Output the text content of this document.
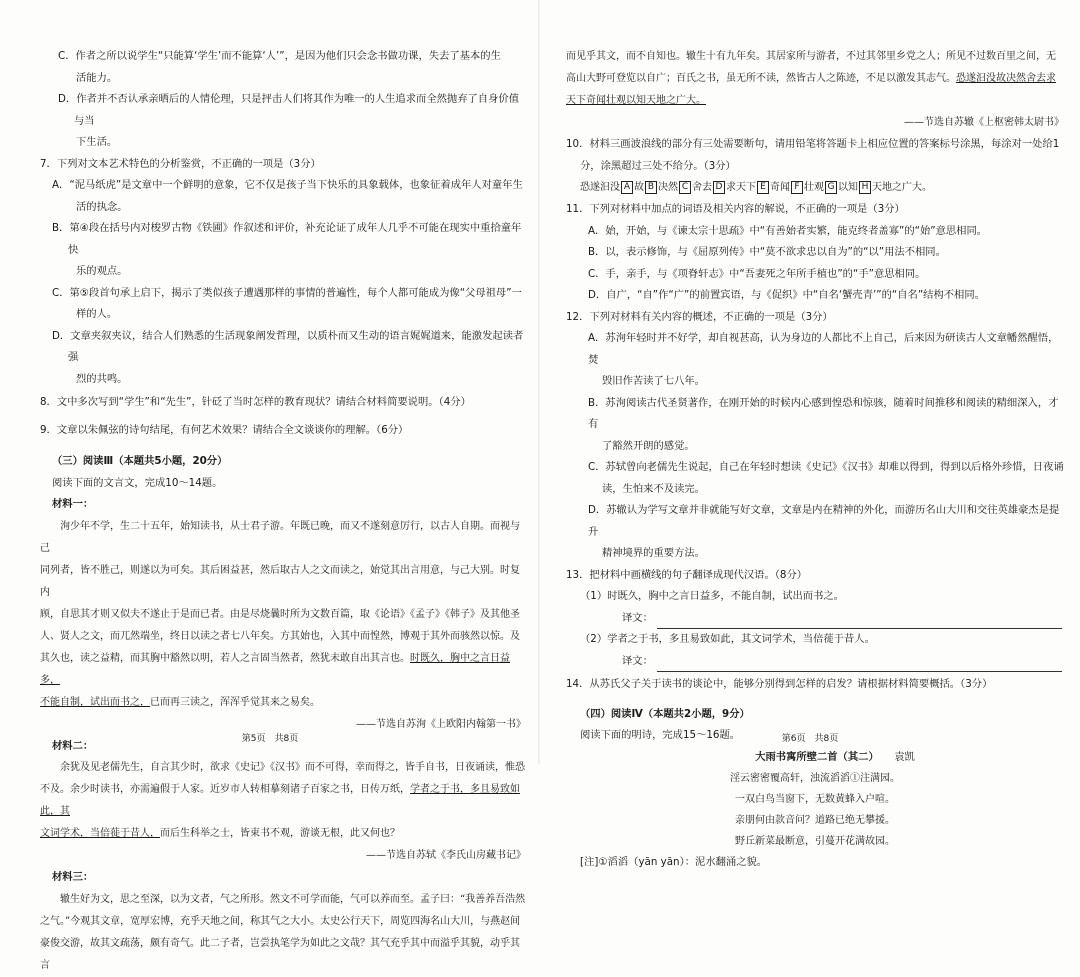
C．作者之所以说学生“只能算‘学生’而不能算‘人’”，是因为他们只会念书做功课，失去了基本的生

活能力。

D．作者并不否认承亲晒后的人情伦理，只是抨击人们将其作为唯一的人生追求而全然抛弃了自身价值与当

下生活。

7．下列对文本艺术特色的分析鉴赏，不正确的一项是（3分）

A．“泥马纸虎”是文章中一个鲜明的意象，它不仅是孩子当下快乐的具象载体，也象征着成年人对童年生

活的执念。

B．第④段在括号内对梭罗古物《铁圃》作叙述和评价，补充论证了成年人几乎不可能在现实中重拾童年快

乐的观点。

C．第⑤段首句承上启下，揭示了类似孩子遭遇那样的事情的普遍性，每个人都可能成为像“父母祖母”一

样的人。

D．文章夹叙夹议，结合人们熟悉的生活现象阐发哲理，以质朴而又生动的语言娓娓道来，能激发起读者强

烈的共鸣。

8．文中多次写到“学生”和“先生”，针砭了当时怎样的教育现状？请结合材料简要说明。（4分）

9．文章以朱佩弦的诗句结尾，有何艺术效果？请结合全文谈谈你的理解。（6分）

（三）阅读Ⅲ（本题共5小题，20分）

阅读下面的文言文，完成10～14题。

材料一：

洵少年不学，生二十五年，始知读书，从士君子游。年既已晚，而又不遂刻意厉行，以古人自期。而视与己

同列者，皆不胜己，则遂以为可矣。其后困益甚，然后取古人之文而读之，始觉其出言用意，与己大别。时复内

顾，自思其才则又似夫不遂止于是而已者。由是尽烧曩时所为文数百篇，取《论语》《孟子》《韩子》及其他圣

人、贤人之文，而兀然端坐，终日以读之者七八年矣。方其始也，入其中而惶然，博观于其外而骇然以惊。及

其久也，读之益精，而其胸中豁然以明，若人之言固当然者，然犹未敢自出其言也。时既久，胸中之言日益多，

不能自制，试出而书之，已而再三读之，浑浑乎觉其来之易矣。

——节选自苏洵《上欧阳内翰第一书》

材料二：

余犹及见老儒先生，自言其少时，欲求《史记》《汉书》而不可得，幸而得之，皆手自书，日夜诵读，惟恐

不及。余少时读书，亦需遍假于人家。近岁市人转相摹刻诸子百家之书，日传万纸，学者之于书，多且易致如此，其

文词学术，当倍蓰于昔人，而后生科举之士，皆束书不观，游谈无根，此又何也？

——节选自苏轼《李氏山房藏书记》

材料三：

辙生好为文，思之至深，以为文者，气之所形。然文不可学而能，气可以养而至。孟子曰：“我善养吾浩然

之气。”今观其文章，宽厚宏博，充乎天地之间，称其气之大小。太史公行天下，周览四海名山大川，与燕赵间

豪俊交游，故其文疏荡，颇有奇气。此二子者，岂尝执笔学为如此之文哉？其气充乎其中而溢乎其貌，动乎其言

第5页　共8页

而见乎其文，而不自知也。辙生十有九年矣。其居家所与游者，不过其邻里乡党之人；所见不过数百里之间，无

高山大野可登览以自广；百氏之书，虽无所不读，然皆古人之陈迹，不足以激发其志气。恐遂汩没故决然舍去求

天下奇闻壮观以知天地之广大。

——节选自苏辙《上枢密韩太尉书》

10．材料三画波浪线的部分有三处需要断句，请用铅笔将答题卡上相应位置的答案标号涂黑，每涂对一处给1

分，涂黑超过三处不给分。（3分）

恐遂汩没 A 故 B 决然 C 舍去 D 求天下 E 奇闻 F 壮观 G 以知 H 天地之广大。

11．下列对材料中加点的词语及相关内容的解说，不正确的一项是（3分）

A．始，开始，与《谏太宗十思疏》中“有善始者实繁，能克终者盖寡”的“始”意思相同。

B．以，表示修饰，与《屈原列传》中“莫不欲求忠以自为”的“以”用法不相同。

C．手，亲手，与《项脊轩志》中“吾妻死之年所手植也”的“手”意思相同。

D．自广，“自”作“广”的前置宾语，与《促织》中“自名‘蟹壳青’”的“自名”结构不相同。

12．下列对材料有关内容的概述，不正确的一项是（3分）

A．苏洵年轻时并不好学，却自视甚高，认为身边的人都比不上自己，后来因为研读古人文章幡然醒悟，焚

毁旧作苦读了七八年。

B．苏洵阅读古代圣贤著作，在刚开始的时候内心感到惶恐和惊骇，随着时间推移和阅读的精细深入，才有

了豁然开朗的感觉。

C．苏轼曾向老儒先生说起，自己在年轻时想读《史记》《汉书》却难以得到，得到以后格外珍惜，日夜诵

读，生怕来不及读完。

D．苏辙认为学写文章并非就能写好文章，文章是内在精神的外化，而游历名山大川和交往英雄豪杰是提升

精神境界的重要方法。

13．把材料中画横线的句子翻译成现代汉语。（8分）

（1）时既久，胸中之言日益多，不能自制，试出而书之。

译文：

（2）学者之于书，多且易致如此，其文词学术，当倍蓰于昔人。

译文：

14．从苏氏父子关于读书的谈论中，能够分别得到怎样的启发？请根据材料简要概括。（3分）

（四）阅读Ⅳ（本题共2小题，9分）

阅读下面的明诗，完成15～16题。

大雨书寓所壁二首（其二）　　 袁凯

淫云密密覆高轩，浊流滔滔①注满园。

一双白鸟当窗下，无数黄蜂入户喧。

亲朋何由款音问？道路已绝无攀援。

野丘新菜最断意，引蔓开花满故园。

[注]①滔滔（yān yān）：泥水翻涌之貌。

第6页　共8页
